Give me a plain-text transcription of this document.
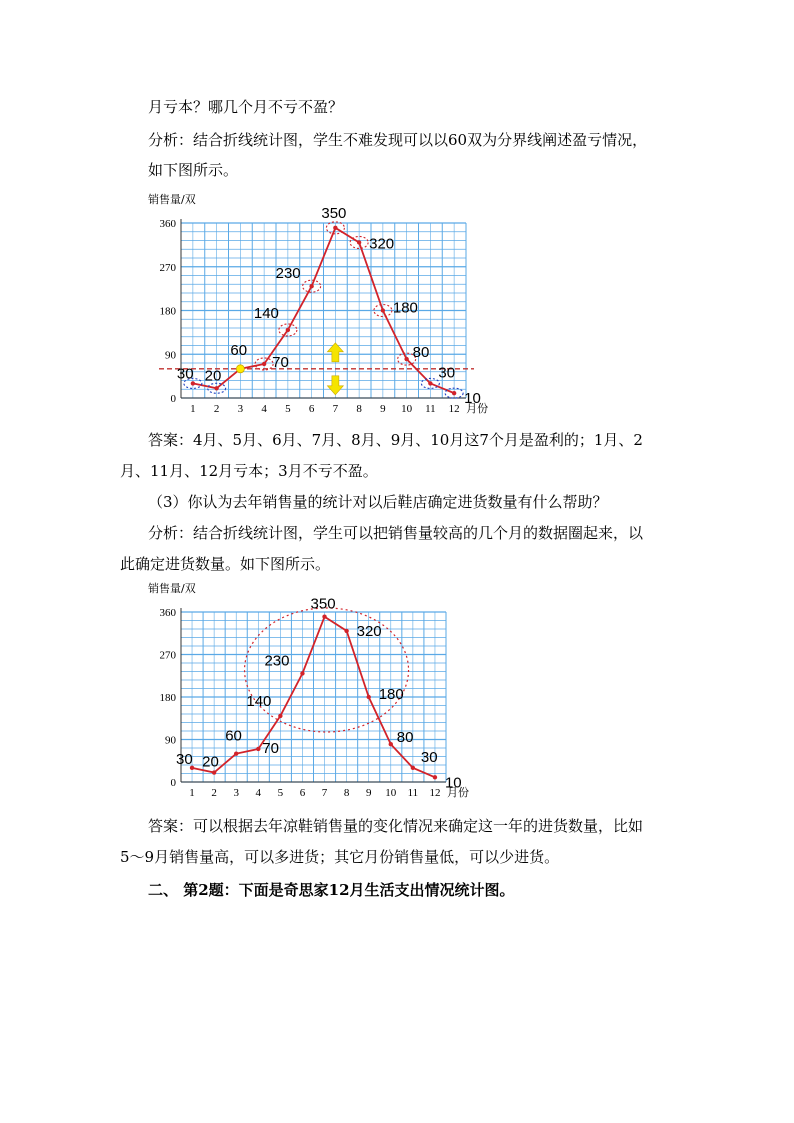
月亏本？哪几个月不亏不盈？
分析：结合折线统计图，学生不难发现可以以60双为分界线阐述盈亏情况，
如下图所示。
0
90
180
270
360
销售量/双
1 2 3 4 5 6 7 8 9 10 11 12 月份
30 20
60
70
140
230
350
320
180
80
30
10
0
90
180
270
360
销售量/双
1 2 3 4 5 6 7 8 9 10 11 12 月份
30 20
60
70
140
230
350
320
180
80
30
10
答案：4月、5月、6月、7月、8月、9月、10月这7个月是盈利的；1月、2
月、11月、12月亏本；3月不亏不盈。
（3）你认为去年销售量的统计对以后鞋店确定进货数量有什么帮助？
分析：结合折线统计图，学生可以把销售量较高的几个月的数据圈起来，以
此确定进货数量。如下图所示。
答案：可以根据去年凉鞋销售量的变化情况来确定这一年的进货数量，比如
5～9月销售量高，可以多进货；其它月份销售量低，可以少进货。
二、 第2题：下面是奇思家12月生活支出情况统计图。
